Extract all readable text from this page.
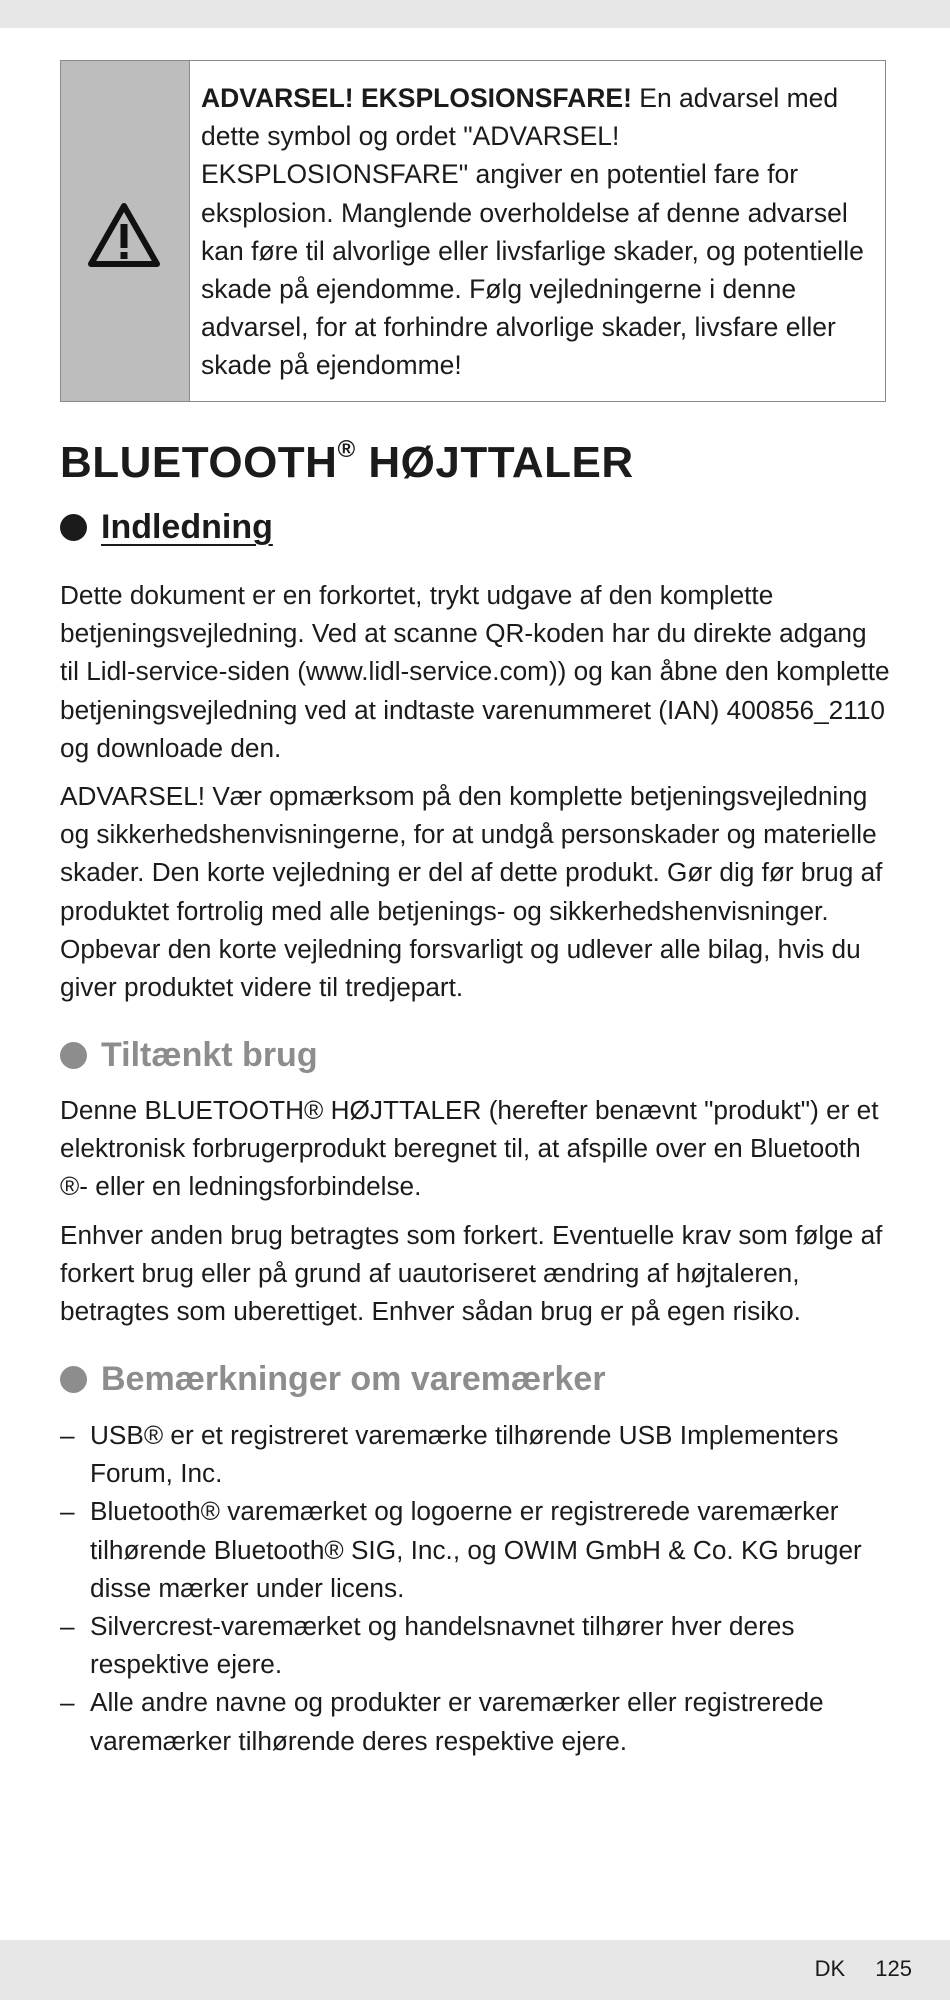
ADVARSEL! EKSPLOSIONSFARE! En advarsel med dette symbol og ordet "ADVARSEL! EKSPLOSIONSFARE" angiver en potentiel fare for eksplosion. Manglende overholdelse af denne advarsel kan føre til alvorlige eller livsfarlige skader, og potentielle skade på ejendomme. Følg vejledningerne i denne advarsel, for at forhindre alvorlige skader, livsfare eller skade på ejendomme!
BLUETOOTH® HØJTTALER
Indledning

Dette dokument er en forkortet, trykt udgave af den komplette betjeningsvejledning. Ved at scanne QR-koden har du direkte adgang til Lidl-service-siden (www.lidl-service.com)) og kan åbne den komplette betjeningsvejledning ved at indtaste varenummeret (IAN) 400856_2110 og downloade den.

ADVARSEL! Vær opmærksom på den komplette betjeningsvejledning og sikkerhedshenvisningerne, for at undgå personskader og materielle skader. Den korte vejledning er del af dette produkt. Gør dig før brug af produktet fortrolig med alle betjenings- og sikkerhedshenvisninger. Opbevar den korte vejledning forsvarligt og udlever alle bilag, hvis du giver produktet videre til tredjepart.

Tiltænkt brug

Denne BLUETOOTH® HØJTTALER (herefter benævnt "produkt") er et elektronisk forbrugerprodukt beregnet til, at afspille over en Bluetooth ®- eller en ledningsforbindelse.

Enhver anden brug betragtes som forkert. Eventuelle krav som følge af forkert brug eller på grund af uautoriseret ændring af højtaleren, betragtes som uberettiget. Enhver sådan brug er på egen risiko.

Bemærkninger om varemærker
– USB® er et registreret varemærke tilhørende USB Implementers Forum, Inc.
– Bluetooth® varemærket og logoerne er registrerede varemærker tilhørende Bluetooth® SIG, Inc., og OWIM GmbH & Co. KG bruger disse mærker under licens.
– Silvercrest-varemærket og handelsnavnet tilhører hver deres respektive ejere.
– Alle andre navne og produkter er varemærker eller registrerede varemærker tilhørende deres respektive ejere.
DK 125
